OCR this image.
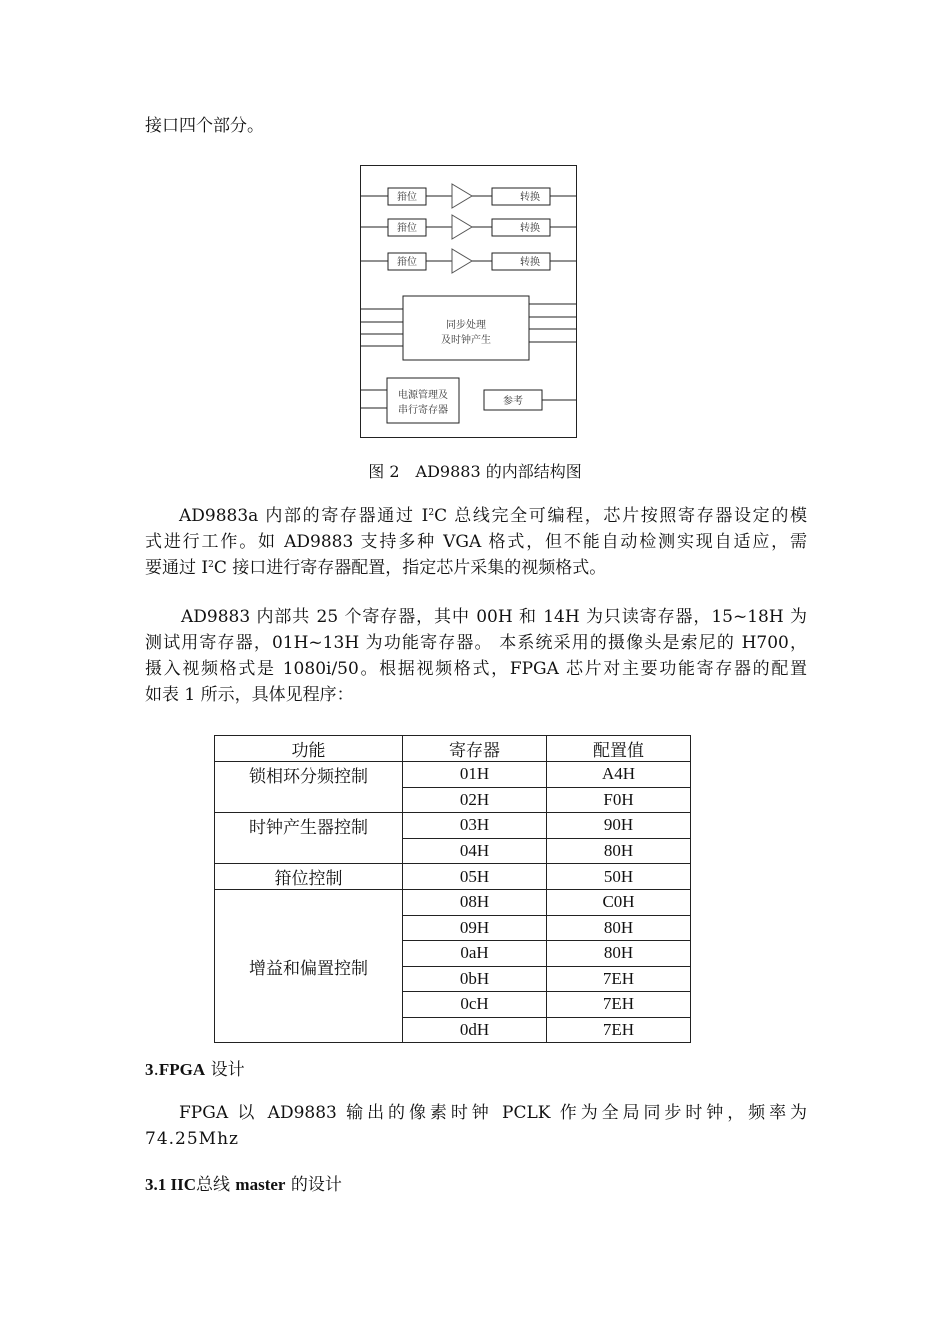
接口四个部分。
箝位	转换
箝位	转换
箝位	转换
同步处理
及时钟产生
电源管理及
串行寄存器
参考
图 2　AD9883 的内部结构图
AD9883a 内部的寄存器通过 $I^2C$ 总线完全可编程，芯片按照寄存器设定的模
式进行工作。如 AD9883 支持多种 VGA 格式，但不能自动检测实现自适应，需
要通过 $I^2C$ 接口进行寄存器配置，指定芯片采集的视频格式。
AD9883 内部共 25 个寄存器，其中 00H 和 14H 为只读寄存器，15~18H 为
测试用寄存器，01H~13H 为功能寄存器。 本系统采用的摄像头是索尼的 H700，
摄入视频格式是 1080i/50。根据视频格式，FPGA 芯片对主要功能寄存器的配置
如表 1 所示，具体见程序：
功能	寄存器	配置值
锁相环分频控制	01H	A4H
	02H	F0H
时钟产生器控制	03H	90H
	04H	80H
箝位控制	05H	50H
增益和偏置控制	08H	C0H
	09H	80H
	0aH	80H
	0bH	7EH
	0cH	7EH
	0dH	7EH
3.FPGA 设计
FPGA 以 AD9883 输出的像素时钟 PCLK 作为全局同步时钟，频率为
74.25Mhz
3.1 IIC总线 master 的设计
